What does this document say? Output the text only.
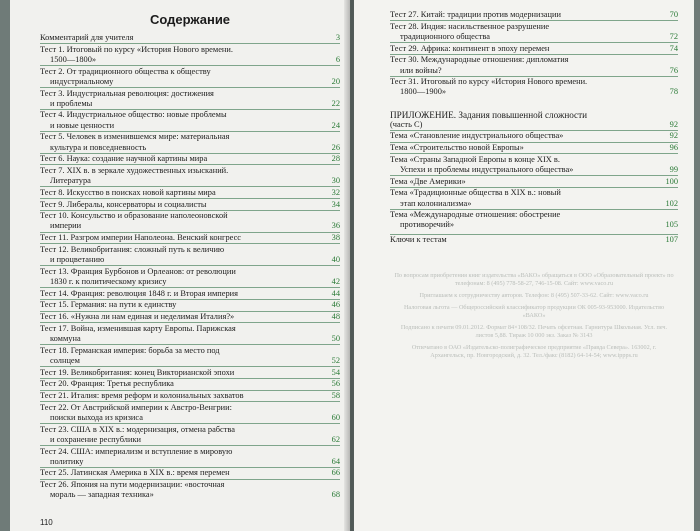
Содержание
Комментарий для учителя	3
Тест 1. Итоговый по курсу «История Нового времени.
1500—1800»	6
Тест 2. От традиционного общества к обществу
индустриальному	20
Тест 3. Индустриальная революция: достижения
и проблемы	22
Тест 4. Индустриальное общество: новые проблемы
и новые ценности	24
Тест 5. Человек в изменившемся мире: материальная
культура и повседневность	26
Тест 6. Наука: создание научной картины мира	28
Тест 7. XIX в. в зеркале художественных изысканий.
Литература	30
Тест 8. Искусство в поисках новой картины мира	32
Тест 9. Либералы, консерваторы и социалисты	34
Тест 10. Консульство и образование наполеоновской
империи	36
Тест 11. Разгром империи Наполеона. Венский конгресс	38
Тест 12. Великобритания: сложный путь к величию
и процветанию	40
Тест 13. Франция Бурбонов и Орлеанов: от революции
1830 г. к политическому кризису	42
Тест 14. Франция: революция 1848 г. и Вторая империя	44
Тест 15. Германия: на пути к единству	46
Тест 16. «Нужна ли нам единая и неделимая Италия?»	48
Тест 17. Война, изменившая карту Европы. Парижская
коммуна	50
Тест 18. Германская империя: борьба за место под
солнцем	52
Тест 19. Великобритания: конец Викторианской эпохи	54
Тест 20. Франция: Третья республика	56
Тест 21. Италия: время реформ и колониальных захватов	58
Тест 22. От Австрийской империи к Австро-Венгрии:
поиски выхода из кризиса	60
Тест 23. США в XIX в.: модернизация, отмена рабства
и сохранение республики	62
Тест 24. США: империализм и вступление в мировую
политику	64
Тест 25. Латинская Америка в XIX в.: время перемен	66
Тест 26. Япония на пути модернизации: «восточная
мораль — западная техника»	68
110
Тест 27. Китай: традиции против модернизации	70
Тест 28. Индия: насильственное разрушение
традиционного общества	72
Тест 29. Африка: континент в эпоху перемен	74
Тест 30. Международные отношения: дипломатия
или войны?	76
Тест 31. Итоговый по курсу «История Нового времени.
1800—1900»	78
ПРИЛОЖЕНИЕ. Задания повышенной сложности
(часть С)	92
Тема «Становление индустриального общества»	92
Тема «Строительство новой Европы»	96
Тема «Страны Западной Европы в конце XIX в.
Успехи и проблемы индустриального общества»	99
Тема «Две Америки»	100
Тема «Традиционные общества в XIX в.: новый
этап колониализма»	102
Тема «Международные отношения: обострение
противоречий»	105
Ключи к тестам	107

По вопросам приобретения книг издательства «ВАКО» обращаться в ООО «Образовательный проект» по телефонам: 8 (495) 778-58-27, 746-15-08. Сайт: www.vaco.ru

Приглашаем к сотрудничеству авторов. Телефон: 8 (495) 507-33-62. Сайт: www.vaco.ru

Налоговая льгота — Общероссийский классификатор продукции ОК 005-93-953000. Издательство «ВАКО»

Подписано к печати 09.01.2012. Формат 84×108/32. Печать офсетная. Гарнитура Школьная. Усл. печ. листов 5,88. Тираж 10 000 экз. Заказ № 3143

Отпечатано в ОАО «Издательско-полиграфическое предприятие «Правда Севера». 163002, г. Архангельск, пр. Новгородский, д. 32. Тел./факс (8182) 64-14-54; www.ippps.ru
